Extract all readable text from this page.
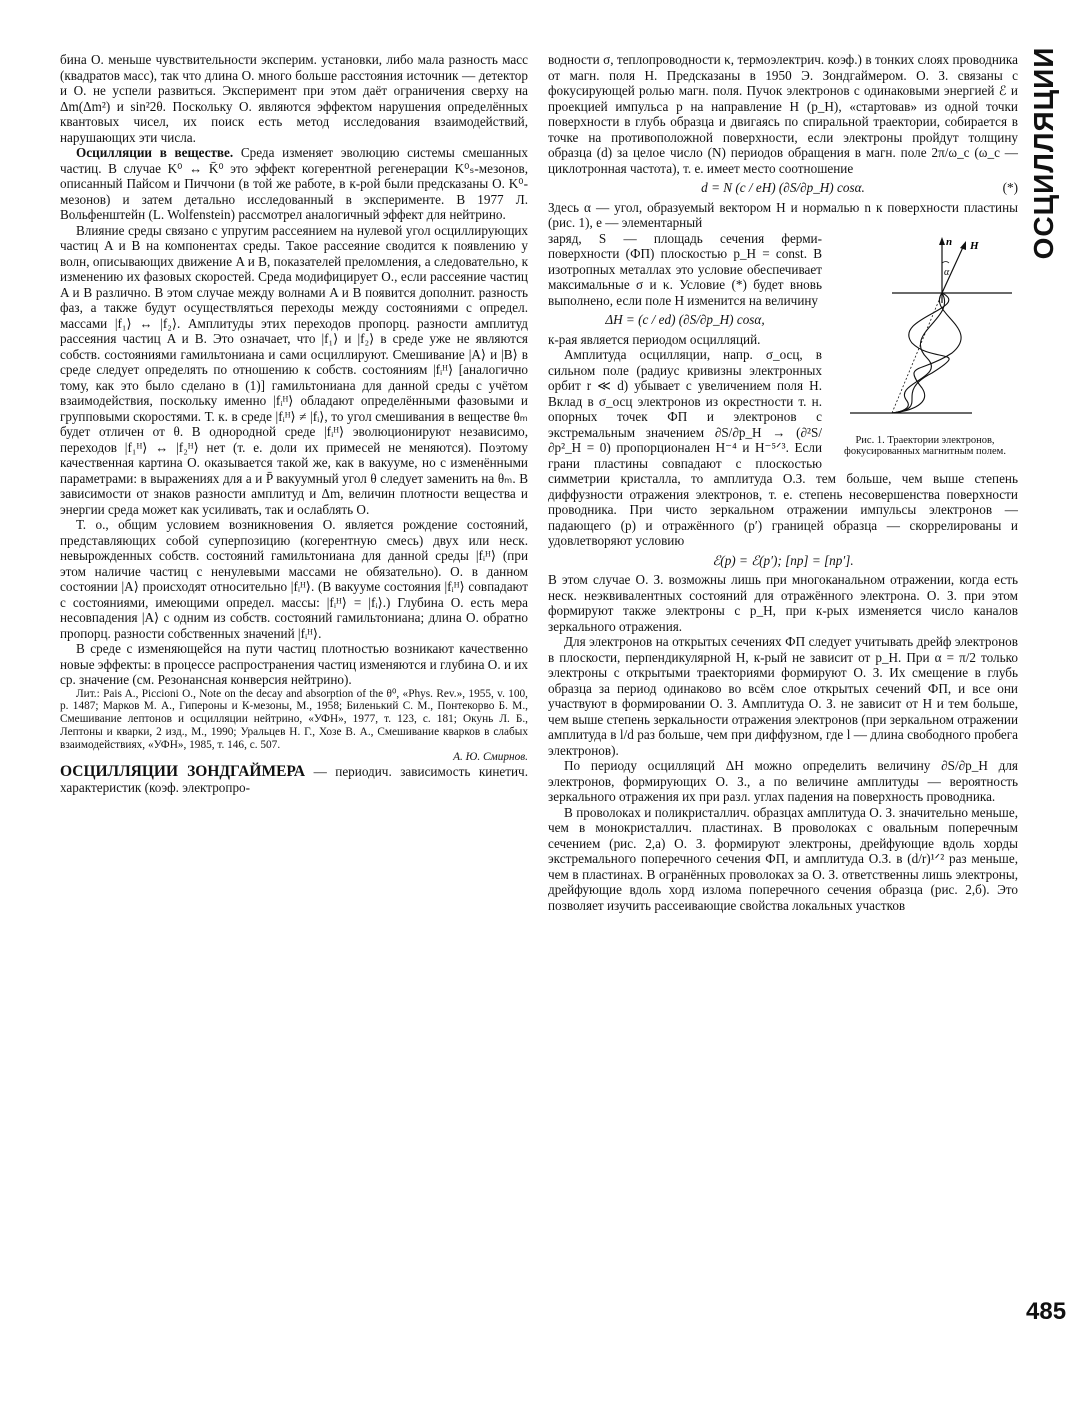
ОСЦИЛЛЯЦИИ

бина О. меньше чувствительности эксперим. установки, либо мала разность масс (квадратов масс), так что длина О. много больше расстояния источник — детектор и О. не успели развиться. Эксперимент при этом даёт ограничения сверху на Δm(Δm²) и sin²2θ. Поскольку О. являются эффектом нарушения определённых квантовых чисел, их поиск есть метод исследования взаимодействий, нарушающих эти числа.

Осцилляции в веществе. Среда изменяет эволюцию системы смешанных частиц. В случае K⁰ ↔ K̄⁰ это эффект когерентной регенерации K⁰ₛ-мезонов, описанный Пайсом и Пиччони (в той же работе, в к-рой были предсказаны О. K⁰-мезонов) и затем детально исследованный в эксперименте. В 1977 Л. Вольфенштейн (L. Wolfenstein) рассмотрел аналогичный эффект для нейтрино.

Влияние среды связано с упругим рассеянием на нулевой угол осциллирующих частиц A и B на компонентах среды. Такое рассеяние сводится к появлению у волн, описывающих движение A и B, показателей преломления, а следовательно, к изменению их фазовых скоростей. Среда модифицирует О., если рассеяние частиц A и B различно. В этом случае между волнами A и B появится дополнит. разность фаз, а также будут осуществляться переходы между состояниями с определ. массами |f₁⟩ ↔ |f₂⟩. Амплитуды этих переходов пропорц. разности амплитуд рассеяния частиц A и B. Это означает, что |f₁⟩ и |f₂⟩ в среде уже не являются собств. состояниями гамильтониана и сами осциллируют. Смешивание |A⟩ и |B⟩ в среде следует определять по отношению к собств. состояниям |fᵢᴴ⟩ [аналогично тому, как это было сделано в (1)] гамильтониана для данной среды с учётом взаимодействия, поскольку именно |fᵢᴴ⟩ обладают определёнными фазовыми и групповыми скоростями. Т. к. в среде |fᵢᴴ⟩ ≠ |fᵢ⟩, то угол смешивания в веществе θₘ будет отличен от θ. В однородной среде |fᵢᴴ⟩ эволюционируют независимо, переходов |f₁ᴴ⟩ ↔ |f₂ᴴ⟩ нет (т. е. доли их примесей не меняются). Поэтому качественная картина О. оказывается такой же, как в вакууме, но с изменёнными параметрами: в выражениях для a и P̄ вакуумный угол θ следует заменить на θₘ. В зависимости от знаков разности амплитуд и Δm, величин плотности вещества и энергии среда может как усиливать, так и ослаблять О.

Т. о., общим условием возникновения О. является рождение состояний, представляющих собой суперпозицию (когерентную смесь) двух или неск. невырожденных собств. состояний гамильтониана для данной среды |fᵢᴴ⟩ (при этом наличие частиц с ненулевыми массами не обязательно). О. в данном состоянии |A⟩ происходят относительно |fᵢᴴ⟩. (В вакууме состояния |fᵢᴴ⟩ совпадают с состояниями, имеющими определ. массы: |fᵢᴴ⟩ = |fᵢ⟩.) Глубина О. есть мера несовпадения |A⟩ с одним из собств. состояний гамильтониана; длина О. обратно пропорц. разности собственных значений |fᵢᴴ⟩.

В среде с изменяющейся на пути частиц плотностью возникают качественно новые эффекты: в процессе распространения частиц изменяются и глубина О. и их ср. значение (см. Резонансная конверсия нейтрино).

Лит.: Pais A., Piccioni O., Note on the decay and absorption of the θ⁰, «Phys. Rev.», 1955, v. 100, p. 1487; Марков М. А., Гипероны и К-мезоны, М., 1958; Биленький С. М., Понтекорво Б. М., Смешивание лептонов и осцилляции нейтрино, «УФН», 1977, т. 123, с. 181; Окунь Л. Б., Лептоны и кварки, 2 изд., М., 1990; Уральцев Н. Г., Хозе В. А., Смешивание кварков в слабых взаимодействиях, «УФН», 1985, т. 146, с. 507.

А. Ю. Смирнов.

ОСЦИЛЛЯЦИИ ЗОНДГАЙМЕРА — периодич. зависимость кинетич. характеристик (коэф. электропро-

водности σ, теплопроводности κ, термоэлектрич. коэф.) в тонких слоях проводника от магн. поля H. Предсказаны в 1950 Э. Зондгаймером. О. З. связаны с фокусирующей ролью магн. поля. Пучок электронов с одинаковыми энергией ℰ и проекцией импульса p на направление H (p_H), «стартовав» из одной точки поверхности в глубь образца и двигаясь по спиральной траектории, собирается в точке на противоположной поверхности, если электроны пройдут толщину образца (d) за целое число (N) периодов обращения в магн. поле 2π/ω_c (ω_c — циклотронная частота), т. е. имеет место соотношение

d = N (c / eH) (∂S/∂p_H) cosα.	(*)

Здесь α — угол, образуемый вектором H и нормалью n к поверхности пластины (рис. 1), e — элементарный

n H
α
Рис. 1. Траектории электронов, фокусированных магнитным полем.

заряд, S — площадь сечения ферми-поверхности (ФП) плоскостью p_H = const. В изотропных металлах это условие обеспечивает максимальные σ и κ. Условие (*) будет вновь выполнено, если поле H изменится на величину

ΔH = (c / ed) (∂S/∂p_H) cosα,

к-рая является периодом осцилляций.

Амплитуда осцилляции, напр. σ_осц, в сильном поле (радиус кривизны электронных орбит r ≪ d) убывает с увеличением поля H. Вклад в σ_осц электронов из окрестности т. н. опорных точек ФП и электронов с экстремальным значением ∂S/∂p_H → (∂²S/∂p²_H = 0) пропорционален H⁻⁴ и H⁻⁵ᐟ³. Если грани пластины совпадают с плоскостью симметрии кристалла, то амплитуда О.З. тем больше, чем выше степень диффузности отражения электронов, т. е. степень несовершенства поверхности проводника. При чисто зеркальном отражении импульсы электронов — падающего (p) и отражённого (p′) границей образца — скоррелированы и удовлетворяют условию

ℰ(p) = ℰ(p′); [np] = [np′].

В этом случае О. З. возможны лишь при многоканальном отражении, когда есть неск. неэквивалентных состояний для отражённого электрона. О. З. при этом формируют также электроны с p_H, при к-рых изменяется число каналов зеркального отражения.

Для электронов на открытых сечениях ФП следует учитывать дрейф электронов в плоскости, перпендикулярной H, к-рый не зависит от p_H. При α = π/2 только электроны с открытыми траекториями формируют О. З. Их смещение в глубь образца за период одинаково во всём слое открытых сечений ФП, и все они участвуют в формировании О. З. Амплитуда О. З. не зависит от H и тем больше, чем выше степень зеркальности отражения электронов (при зеркальном отражении амплитуда в l/d раз больше, чем при диффузном, где l — длина свободного пробега электронов).

По периоду осцилляций ΔH можно определить величину ∂S/∂p_H для электронов, формирующих О. З., а по величине амплитуды — вероятность зеркального отражения их при разл. углах падения на поверхность проводника.

В проволоках и поликристаллич. образцах амплитуда О. З. значительно меньше, чем в монокристаллич. пластинах. В проволоках с овальным поперечным сечением (рис. 2,а) О. З. формируют электроны, дрейфующие вдоль хорды экстремального поперечного сечения ФП, и амплитуда О.З. в (d/r)¹ᐟ² раз меньше, чем в пластинах. В огранённых проволоках за О. З. ответственны лишь электроны, дрейфующие вдоль хорд излома поперечного сечения образца (рис. 2,б). Это позволяет изучить рассеивающие свойства локальных участков

485
